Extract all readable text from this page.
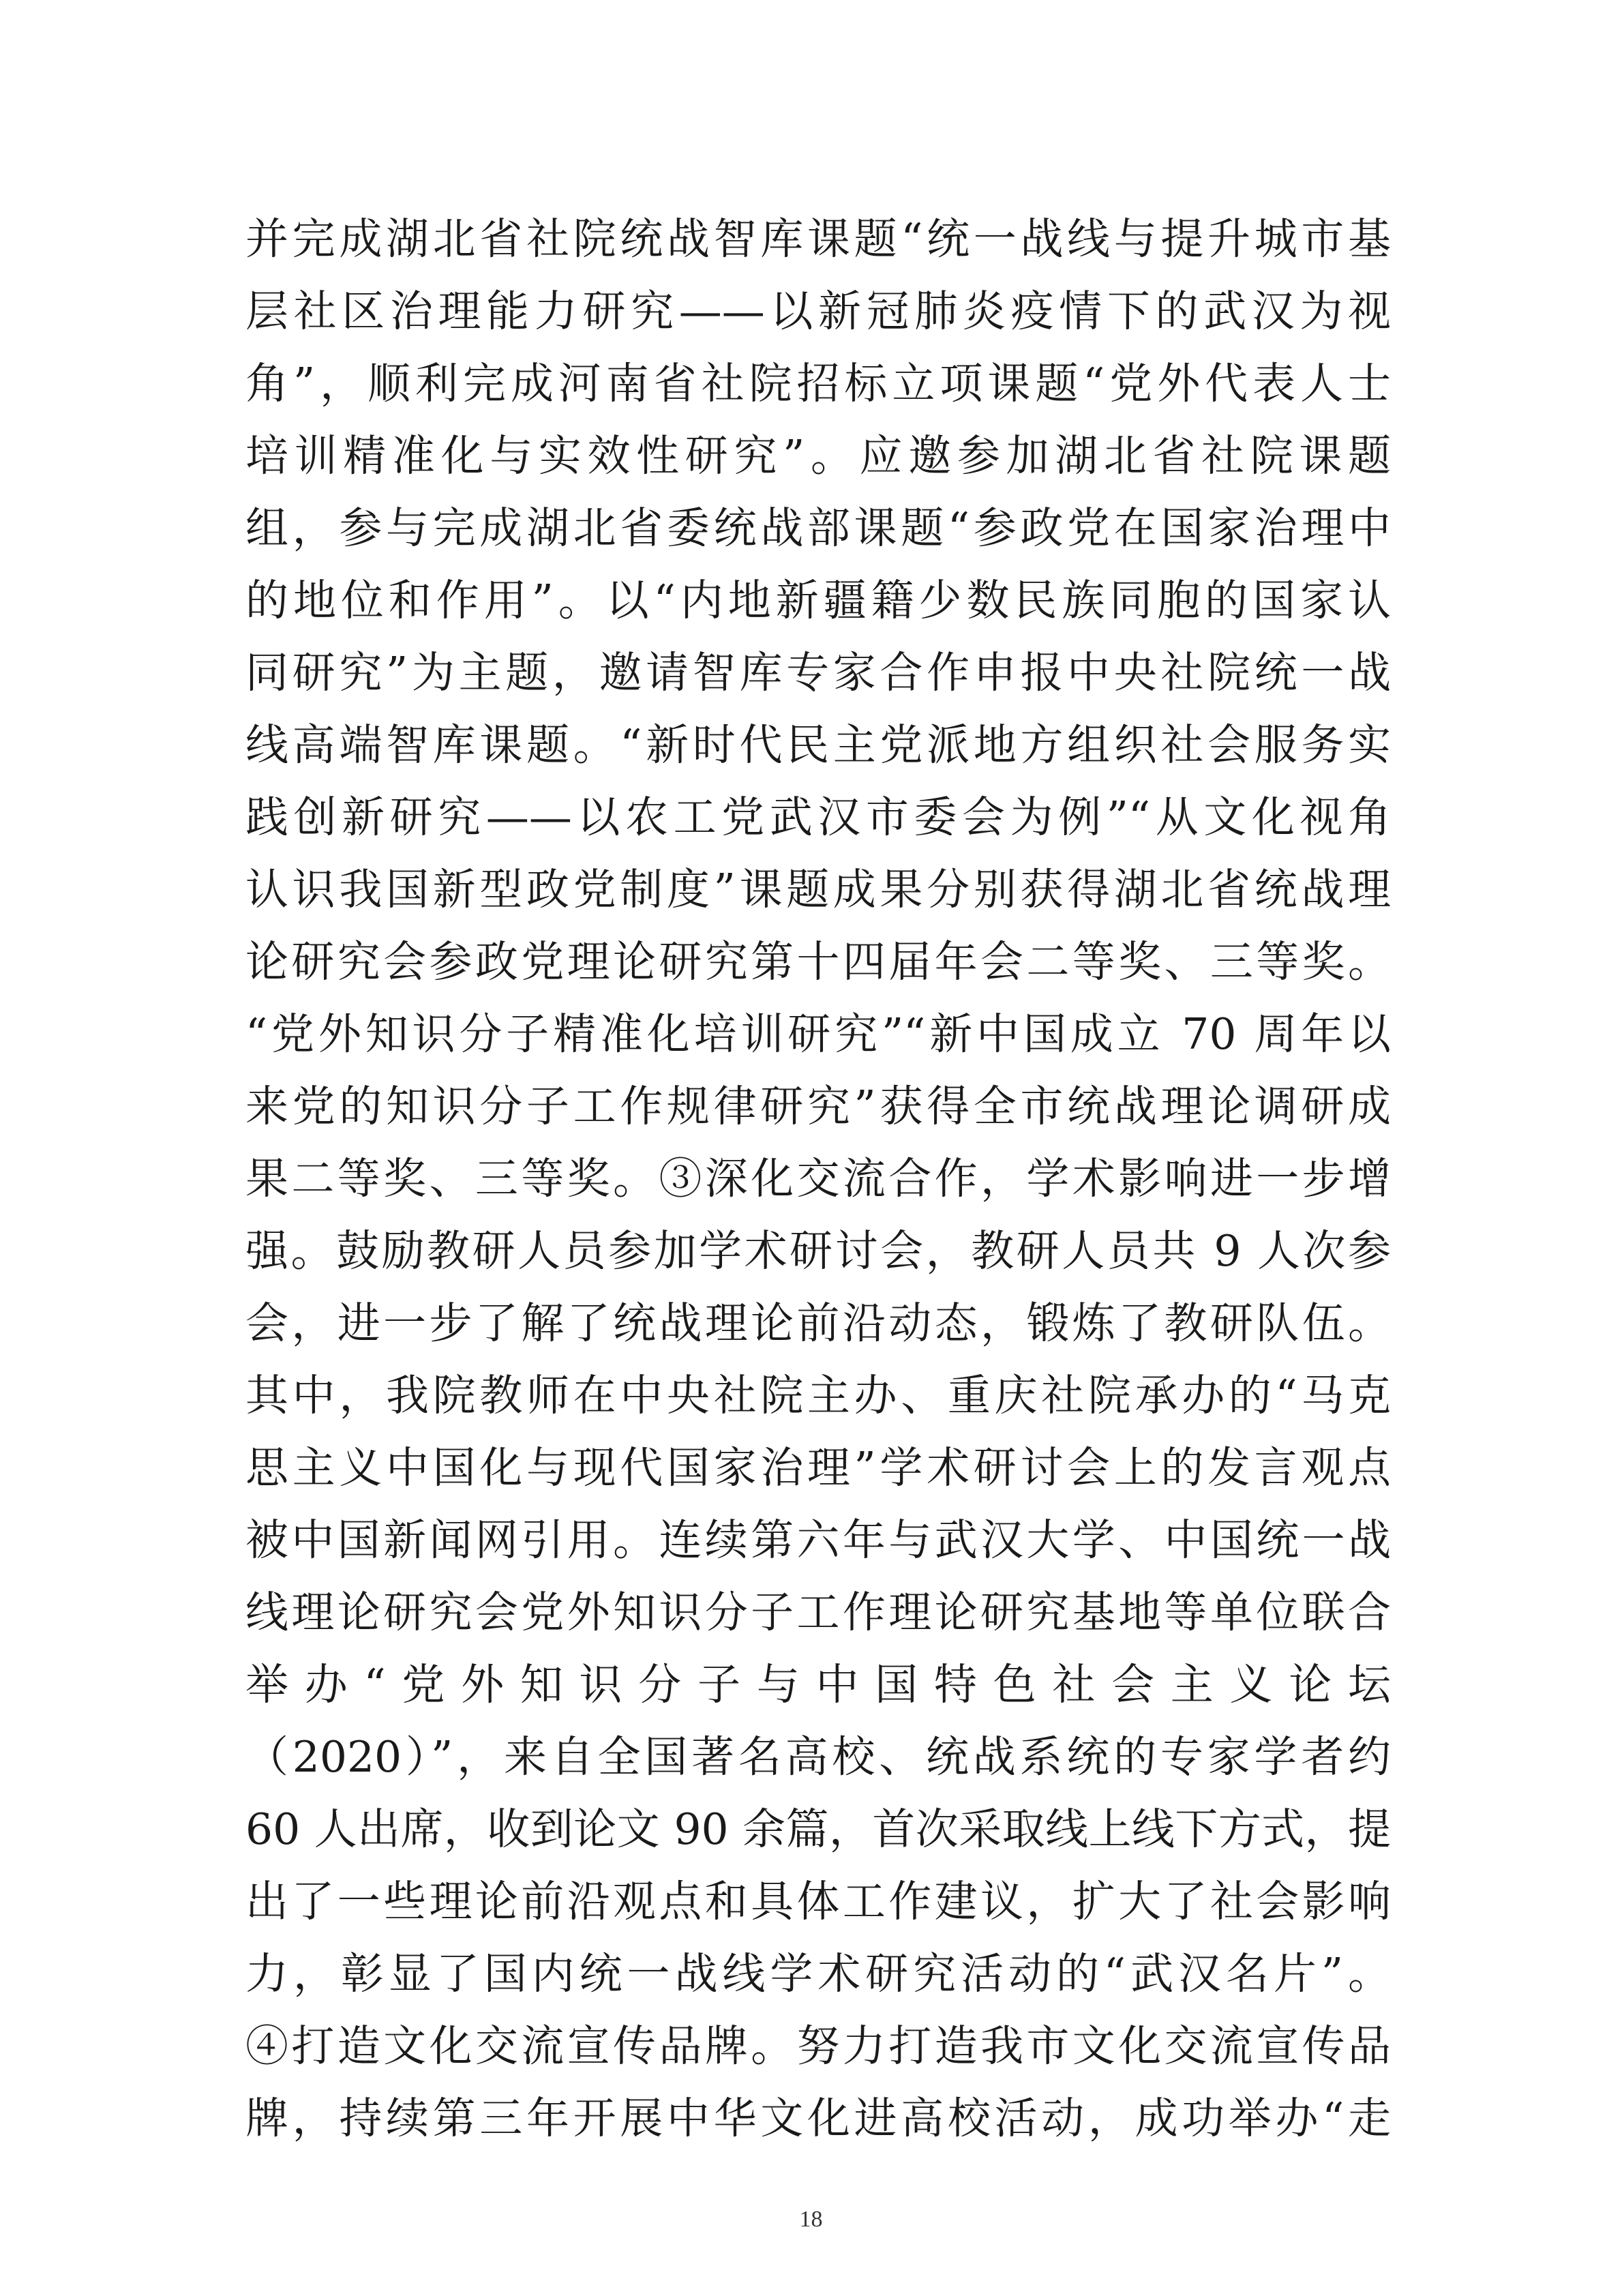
并完成湖北省社院统战智库课题“统一战线与提升城市基
层社区治理能力研究——以新冠肺炎疫情下的武汉为视
角”，顺利完成河南省社院招标立项课题“党外代表人士
培训精准化与实效性研究”。应邀参加湖北省社院课题
组，参与完成湖北省委统战部课题“参政党在国家治理中
的地位和作用”。以“内地新疆籍少数民族同胞的国家认
同研究”为主题，邀请智库专家合作申报中央社院统一战
线高端智库课题。“新时代民主党派地方组织社会服务实
践创新研究——以农工党武汉市委会为例”“从文化视角
认识我国新型政党制度”课题成果分别获得湖北省统战理
论研究会参政党理论研究第十四届年会二等奖、三等奖。
“党外知识分子精准化培训研究”“新中国成立 70 周年以
来党的知识分子工作规律研究”获得全市统战理论调研成
果二等奖、三等奖。③深化交流合作，学术影响进一步增
强。鼓励教研人员参加学术研讨会，教研人员共 9 人次参
会，进一步了解了统战理论前沿动态，锻炼了教研队伍。
其中，我院教师在中央社院主办、重庆社院承办的“马克
思主义中国化与现代国家治理”学术研讨会上的发言观点
被中国新闻网引用。连续第六年与武汉大学、中国统一战
线理论研究会党外知识分子工作理论研究基地等单位联合
举办“党外知识分子与中国特色社会主义论坛
（2020）”，来自全国著名高校、统战系统的专家学者约
60 人出席，收到论文 90 余篇，首次采取线上线下方式，提
出了一些理论前沿观点和具体工作建议，扩大了社会影响
力，彰显了国内统一战线学术研究活动的“武汉名片”。
④打造文化交流宣传品牌。努力打造我市文化交流宣传品
牌，持续第三年开展中华文化进高校活动，成功举办“走
18
